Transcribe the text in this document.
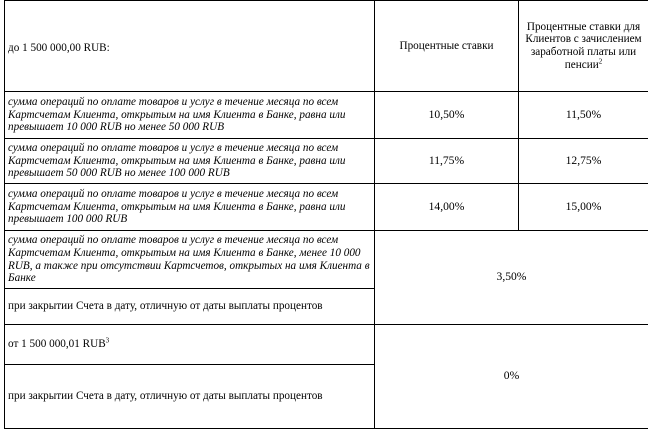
до 1 500 000,00 RUB:	Процентные ставки	Процентные ставки для Клиентов с зачислением заработной платы или пенсии$^2$
сумма операций по оплате товаров и услуг в течение месяца по всем Картсчетам Клиента, открытым на имя Клиента в Банке, равна или превышает 10 000 RUB но менее 50 000 RUB	10,50%	11,50%
сумма операций по оплате товаров и услуг в течение месяца по всем Картсчетам Клиента, открытым на имя Клиента в Банке, равна или превышает 50 000 RUB но менее 100 000 RUB	11,75%	12,75%
сумма операций по оплате товаров и услуг в течение месяца по всем Картсчетам Клиента, открытым на имя Клиента в Банке, равна или превышает 100 000 RUB	14,00%	15,00%
сумма операций по оплате товаров и услуг в течение месяца по всем Картсчетам Клиента, открытым на имя Клиента в Банке, менее 10 000 RUB, а также при отсутствии Картсчетов, открытых на имя Клиента в Банке	3,50%	
при закрытии Счета в дату, отличную от даты выплаты процентов		
от 1 500 000,01 RUB$^3$	0%	
при закрытии Счета в дату, отличную от даты выплаты процентов		
